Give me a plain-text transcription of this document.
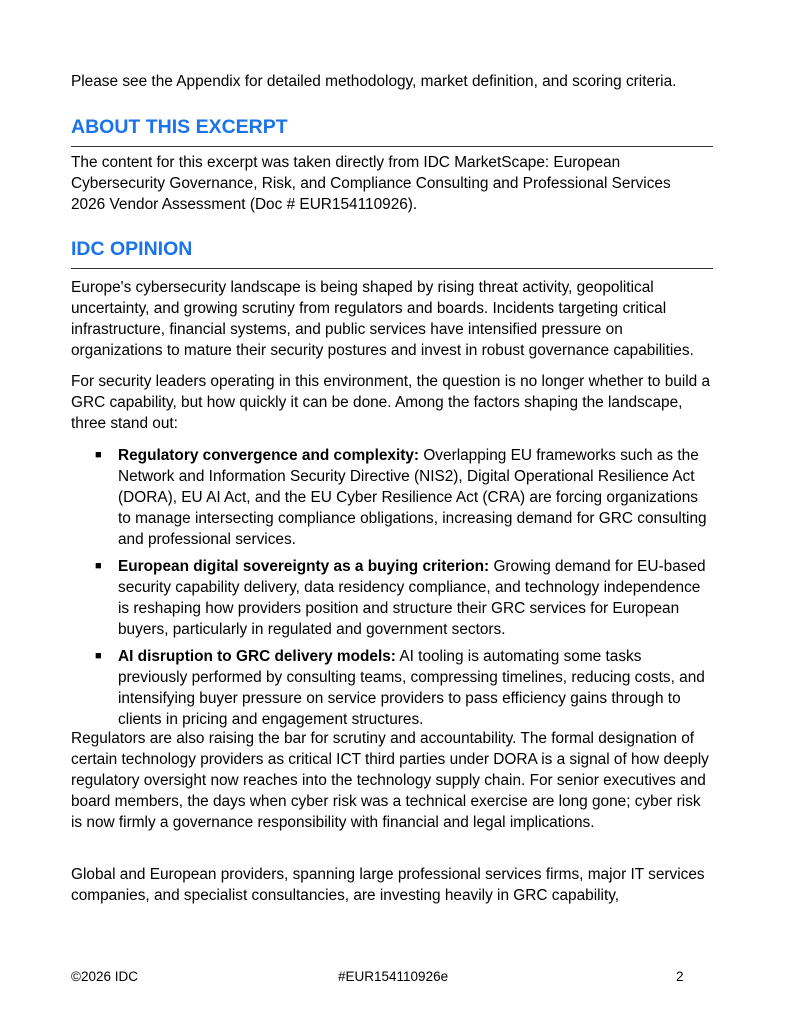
Please see the Appendix for detailed methodology, market definition, and scoring criteria.

ABOUT THIS EXCERPT

The content for this excerpt was taken directly from IDC MarketScape: European Cybersecurity Governance, Risk, and Compliance Consulting and Professional Services 2026 Vendor Assessment (Doc # EUR154110926).

IDC OPINION

Europe's cybersecurity landscape is being shaped by rising threat activity, geopolitical uncertainty, and growing scrutiny from regulators and boards. Incidents targeting critical infrastructure, financial systems, and public services have intensified pressure on organizations to mature their security postures and invest in robust governance capabilities.

For security leaders operating in this environment, the question is no longer whether to build a GRC capability, but how quickly it can be done. Among the factors shaping the landscape, three stand out:

■ Regulatory convergence and complexity: Overlapping EU frameworks such as the Network and Information Security Directive (NIS2), Digital Operational Resilience Act (DORA), EU AI Act, and the EU Cyber Resilience Act (CRA) are forcing organizations to manage intersecting compliance obligations, increasing demand for GRC consulting and professional services.
■ European digital sovereignty as a buying criterion: Growing demand for EU-based security capability delivery, data residency compliance, and technology independence is reshaping how providers position and structure their GRC services for European buyers, particularly in regulated and government sectors.
■ AI disruption to GRC delivery models: AI tooling is automating some tasks previously performed by consulting teams, compressing timelines, reducing costs, and intensifying buyer pressure on service providers to pass efficiency gains through to clients in pricing and engagement structures.

Regulators are also raising the bar for scrutiny and accountability. The formal designation of certain technology providers as critical ICT third parties under DORA is a signal of how deeply regulatory oversight now reaches into the technology supply chain. For senior executives and board members, the days when cyber risk was a technical exercise are long gone; cyber risk is now firmly a governance responsibility with financial and legal implications.

Global and European providers, spanning large professional services firms, major IT services companies, and specialist consultancies, are investing heavily in GRC capability,

©2026 IDC	#EUR154110926e	2
